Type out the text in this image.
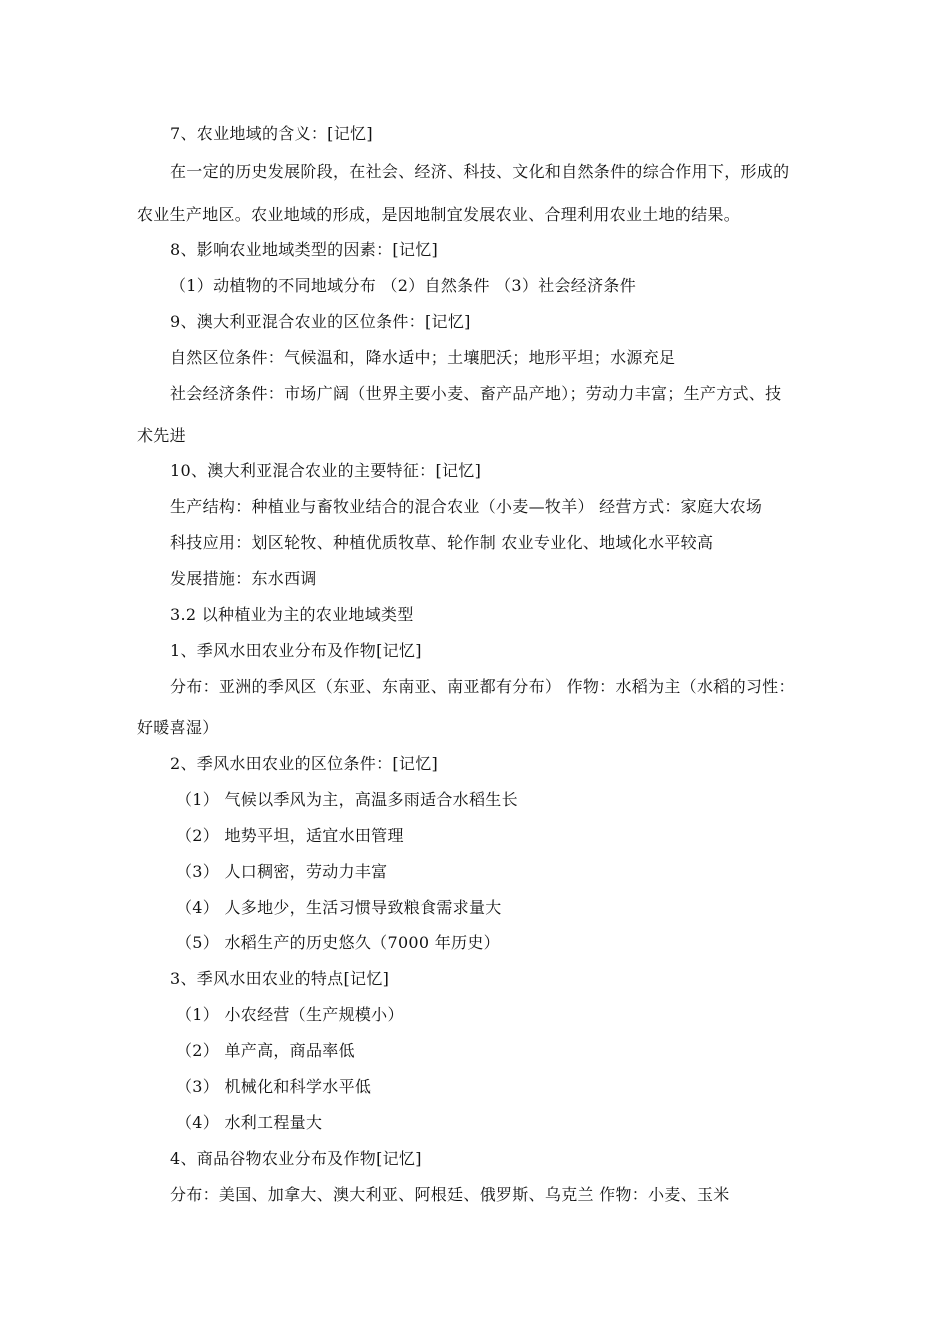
7、农业地域的含义：[记忆]
在一定的历史发展阶段，在社会、经济、科技、文化和自然条件的综合作用下，形成的
农业生产地区。农业地域的形成，是因地制宜发展农业、合理利用农业土地的结果。
8、影响农业地域类型的因素：[记忆]
（1）动植物的不同地域分布 （2）自然条件 （3）社会经济条件
9、澳大利亚混合农业的区位条件：[记忆]
自然区位条件：气候温和，降水适中；土壤肥沃；地形平坦；水源充足
社会经济条件：市场广阔（世界主要小麦、畜产品产地）；劳动力丰富；生产方式、技
术先进
10、澳大利亚混合农业的主要特征：[记忆]
生产结构：种植业与畜牧业结合的混合农业（小麦—牧羊） 经营方式：家庭大农场
科技应用：划区轮牧、种植优质牧草、轮作制 农业专业化、地域化水平较高
发展措施：东水西调
3.2 以种植业为主的农业地域类型
1、季风水田农业分布及作物[记忆]
分布：亚洲的季风区（东亚、东南亚、南亚都有分布） 作物：水稻为主（水稻的习性：
好暖喜湿）
2、季风水田农业的区位条件：[记忆]
（1） 气候以季风为主，高温多雨适合水稻生长
（2） 地势平坦，适宜水田管理
（3） 人口稠密，劳动力丰富
（4） 人多地少，生活习惯导致粮食需求量大
（5） 水稻生产的历史悠久（7000 年历史）
3、季风水田农业的特点[记忆]
（1） 小农经营（生产规模小）
（2） 单产高，商品率低
（3） 机械化和科学水平低
（4） 水利工程量大
4、商品谷物农业分布及作物[记忆]
分布：美国、加拿大、澳大利亚、阿根廷、俄罗斯、乌克兰 作物：小麦、玉米
